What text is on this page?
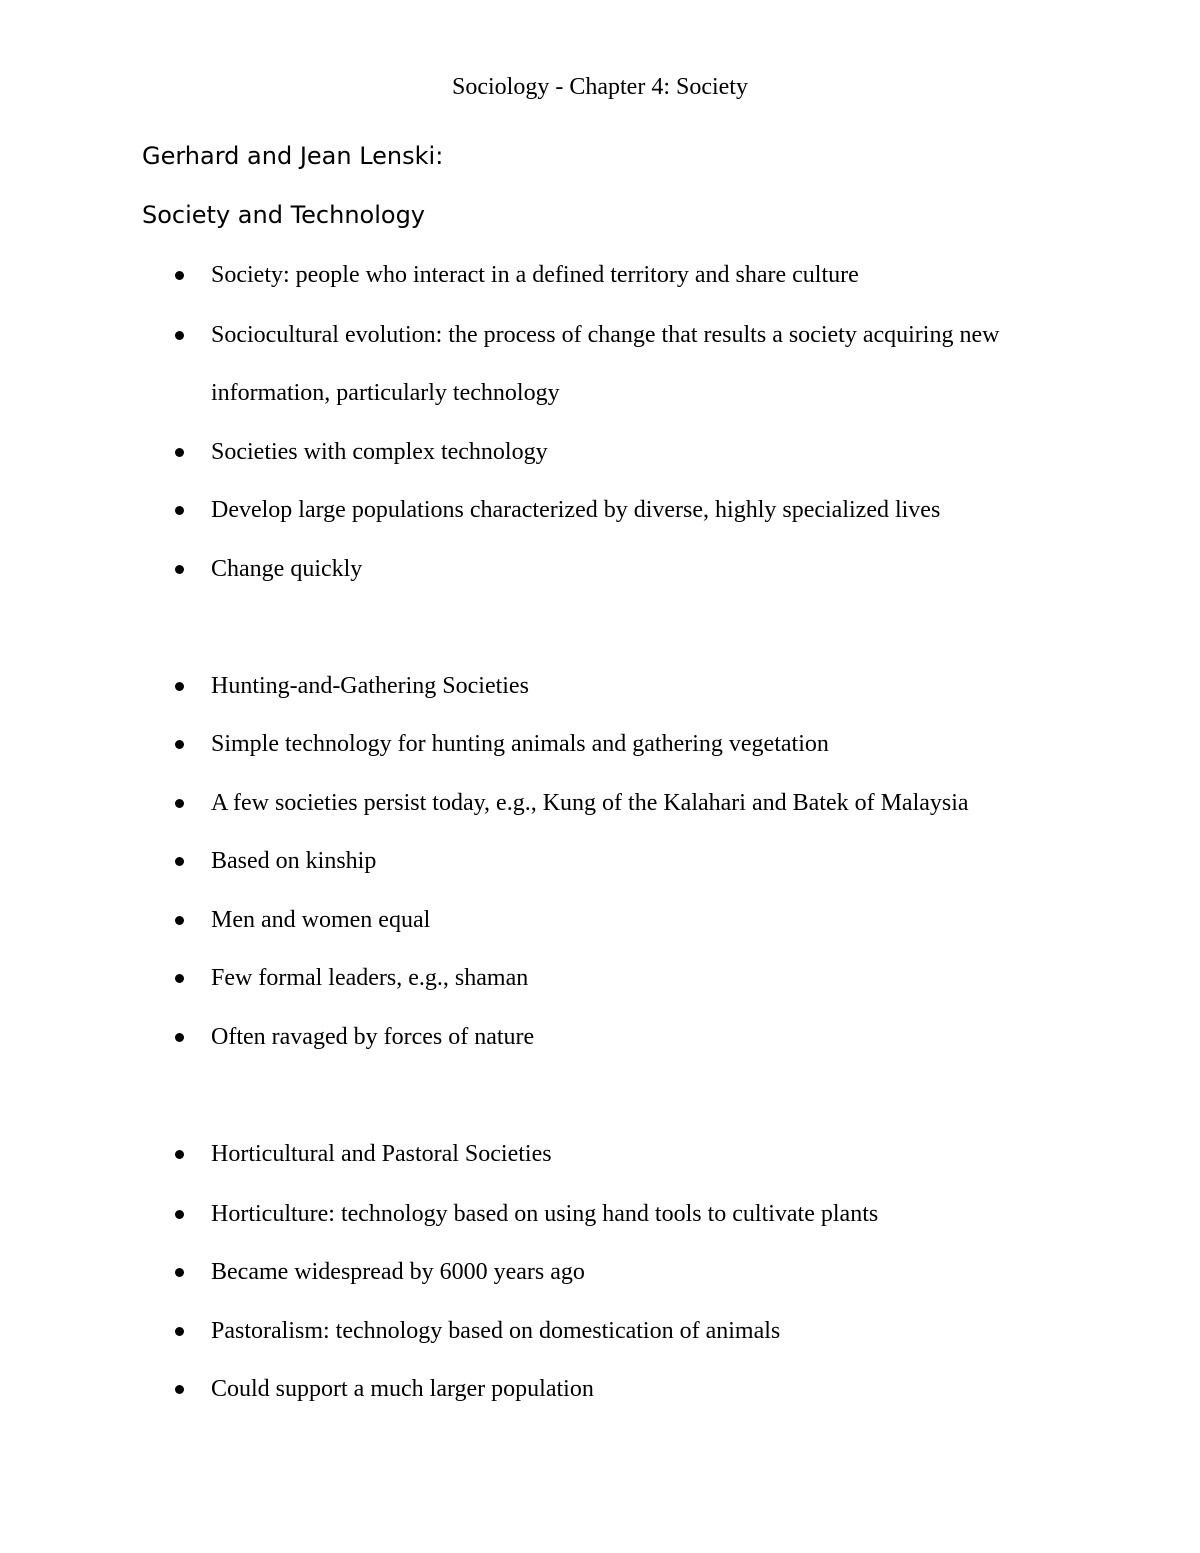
Sociology - Chapter 4: Society
Gerhard and Jean Lenski:
Society and Technology
Society: people who interact in a defined territory and share culture
Sociocultural evolution: the process of change that results a society acquiring new
information, particularly technology
Societies with complex technology
Develop large populations characterized by diverse, highly specialized lives
Change quickly
Hunting-and-Gathering Societies
Simple technology for hunting animals and gathering vegetation
A few societies persist today, e.g., Kung of the Kalahari and Batek of Malaysia
Based on kinship
Men and women equal
Few formal leaders, e.g., shaman
Often ravaged by forces of nature
Horticultural and Pastoral Societies
Horticulture: technology based on using hand tools to cultivate plants
Became widespread by 6000 years ago
Pastoralism: technology based on domestication of animals
Could support a much larger population
